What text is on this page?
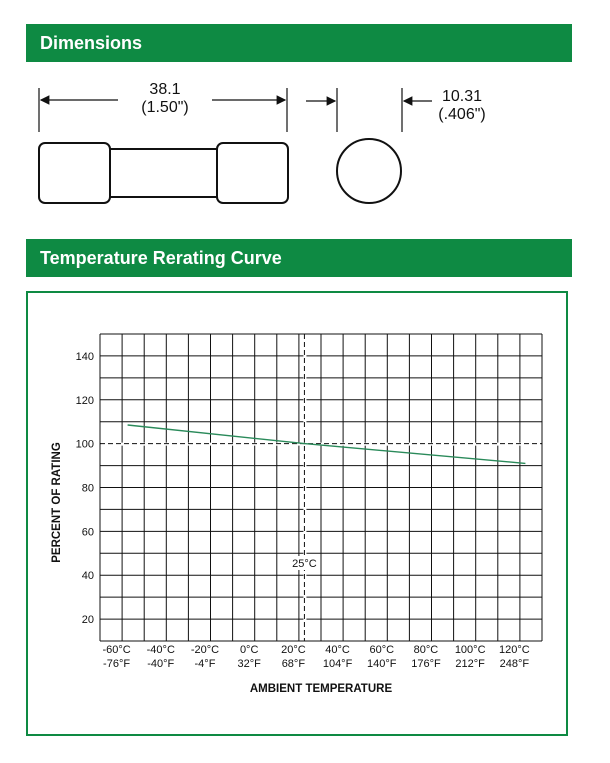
Dimensions
38.1
(1.50")
10.31
(.406")
Temperature Rerating Curve
20
40
60
80
100
120
140
-60°C -40°C -20°C 0°C 20°C 40°C 60°C 80°C 100°C 120°C
-76°F -40°F -4°F 32°F 68°F 104°F 140°F 176°F 212°F 248°F
25°C
AMBIENT TEMPERATURE
PERCENT OF RATING
